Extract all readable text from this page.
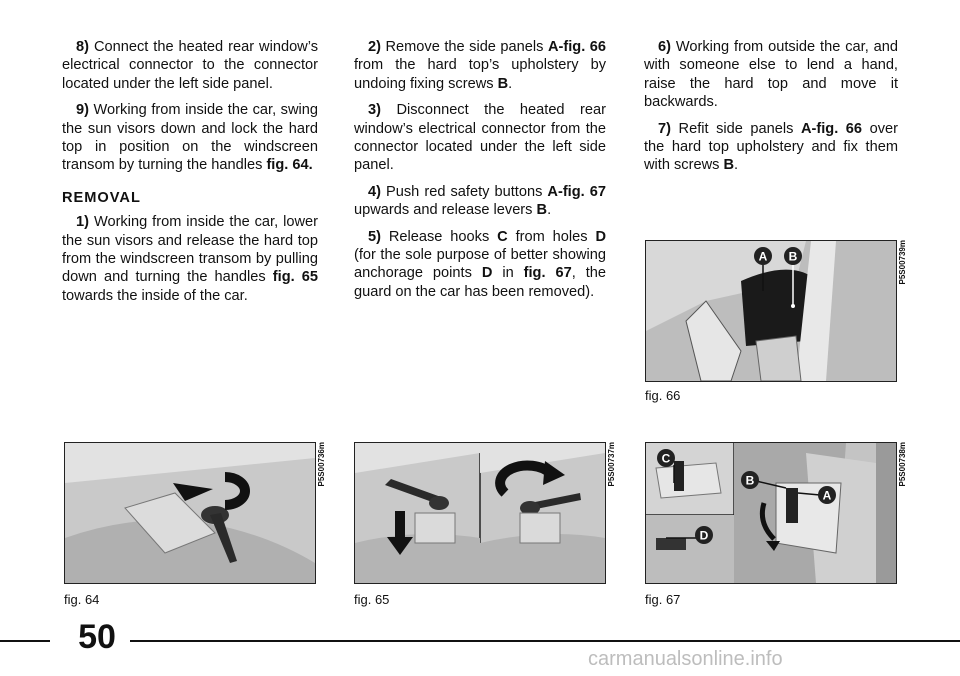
8) Connect the heated rear window’s electrical connector to the connector located under the left side panel.

9) Working from inside the car, swing the sun visors down and lock the hard top in position on the windscreen transom by turning the handles fig. 64.

REMOVAL

1) Working from inside the car, lower the sun visors and release the hard top from the windscreen transom by pulling down and turning the handles fig. 65 towards the inside of the car.

2) Remove the side panels A-fig. 66 from the hard top’s upholstery by undoing fixing screws B.

3) Disconnect the heated rear window’s electrical connector from the connector located under the left side panel.

4) Push red safety buttons A-fig. 67 upwards and release levers B.

5) Release hooks C from holes D (for the sole purpose of better showing anchorage points D in fig. 67, the guard on the car has been removed).

6) Working from outside the car, and with someone else to lend a hand, raise the hard top and move it backwards.

7) Refit side panels A-fig. 66 over the hard top upholstery and fix them with screws B.

A B	P5S00739m
fig. 66
P5S00736m
fig. 64
P5S00737m
fig. 65
C
D
B
A
P5S00738m
fig. 67
50
carmanualsonline.info
